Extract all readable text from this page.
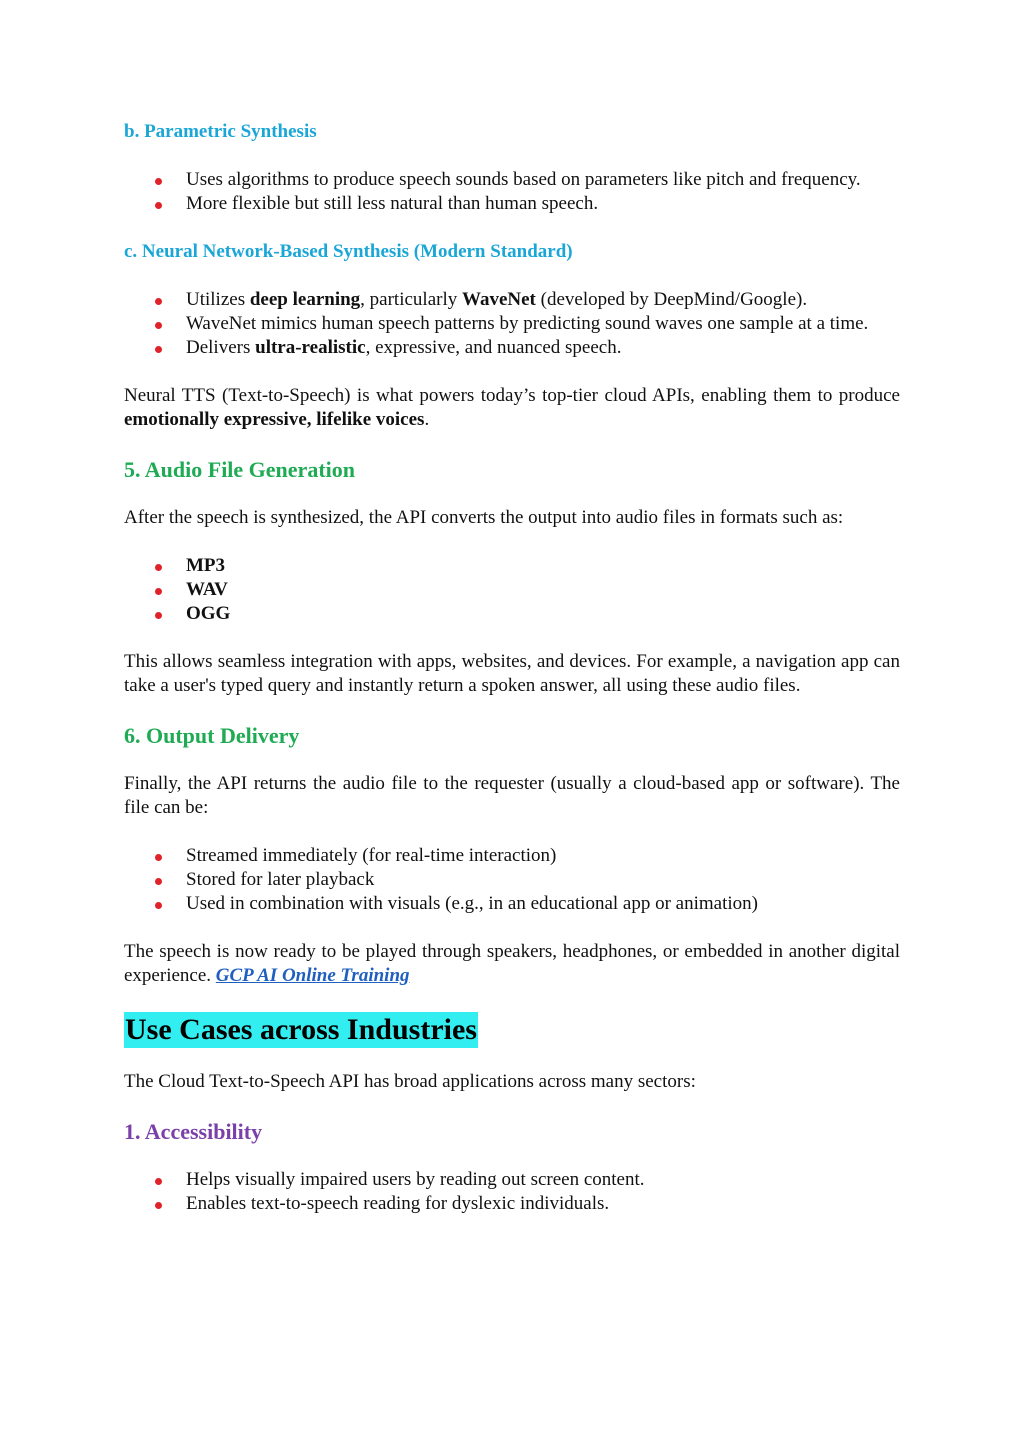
b. Parametric Synthesis
Uses algorithms to produce speech sounds based on parameters like pitch and frequency.
More flexible but still less natural than human speech.
c. Neural Network-Based Synthesis (Modern Standard)
Utilizes deep learning, particularly WaveNet (developed by DeepMind/Google).
WaveNet mimics human speech patterns by predicting sound waves one sample at a time.
Delivers ultra-realistic, expressive, and nuanced speech.

Neural TTS (Text-to-Speech) is what powers today’s top-tier cloud APIs, enabling them to produce emotionally expressive, lifelike voices.

5. Audio File Generation

After the speech is synthesized, the API converts the output into audio files in formats such as:

MP3
WAV
OGG

This allows seamless integration with apps, websites, and devices. For example, a navigation app can take a user's typed query and instantly return a spoken answer, all using these audio files.

6. Output Delivery

Finally, the API returns the audio file to the requester (usually a cloud-based app or software). The file can be:

Streamed immediately (for real-time interaction)
Stored for later playback
Used in combination with visuals (e.g., in an educational app or animation)

The speech is now ready to be played through speakers, headphones, or embedded in another digital experience. GCP AI Online Training

Use Cases across Industries

The Cloud Text-to-Speech API has broad applications across many sectors:

1. Accessibility
Helps visually impaired users by reading out screen content.
Enables text-to-speech reading for dyslexic individuals.
